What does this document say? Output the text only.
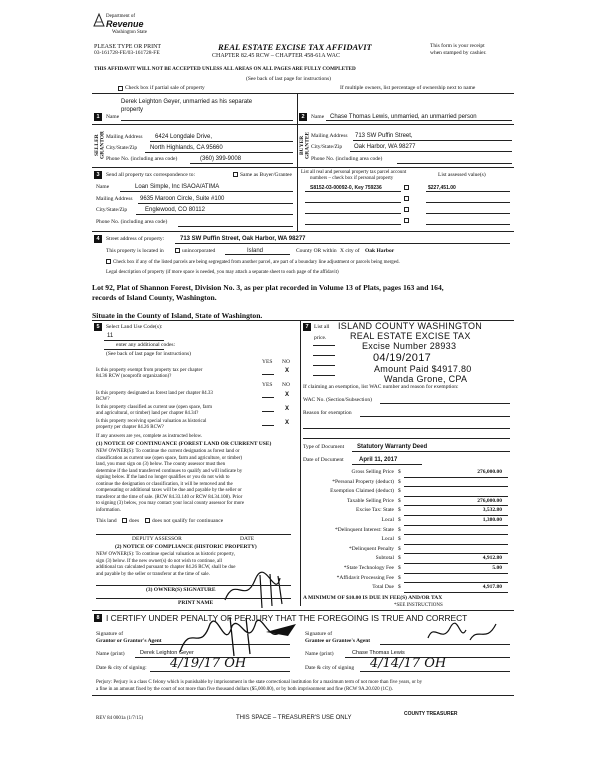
Department of
Revenue
Washington State
PLEASE TYPE OR PRINT
03-161728-FE/03-161728-FE
REAL ESTATE EXCISE TAX AFFIDAVIT
CHAPTER 82.45 RCW – CHAPTER 458-61A WAC
This form is your receipt
when stamped by cashier.
THIS AFFIDAVIT WILL NOT BE ACCEPTED UNLESS ALL AREAS ON ALL PAGES ARE FULLY COMPLETED
(See back of last page for instructions)
Check box if partial sale of property	If multiple owners, list percentage of ownership next to name
1
SELLER GRANTOR
Name
Derek Leighton Geyer, unmarried as his separate
property
Mailing Address 6424 Longdale Drive,
City/State/Zip North Highlands, CA 95660
Phone No. (including area code)	(360) 399-9008
2
BUYER GRANTEE
Name Chase Thomas Lewis, unmarried, an unmarried person
Mailing Address 713 SW Puffin Street,
City/State/Zip Oak Harbor, WA 98277
Phone No. (including area code)
3	Send all property tax correspondence to:	Same as Buyer/Grantee
Name	Loan Simple, Inc ISAOA/ATIMA
Mailing Address 9635 Maroon Circle, Suite #100
City/State/Zip	Englewood, CO 80112
Phone No. (including area code)
List all real and personal property tax parcel account
numbers – check box if personal property
List assessed value(s)
S8152-03-00092-0, Key 759236	$227,451.00
4	Street address of property:	713 SW Puffin Street, Oak Harbor, WA 98277
This property is located in	unincorporated	Island	County OR within X city of Oak Harbor
Check box if any of the listed parcels are being segregated from another parcel, are part of a boundary line adjustment or parcels being merged.
Legal description of property (if more space is needed, you may attach a separate sheet to each page of the affidavit)
Lot 92, Plat of Shannon Forest, Division No. 3, as per plat recorded in Volume 13 of Plats, pages 163 and 164,
records of Island County, Washington.
Situate in the County of Island, State of Washington.
5	Select Land Use Code(s):
11
enter any additional codes:
(See back of last page for instructions)
YES NO
Is this property exempt from property tax per chapter
84.36 RCW (nonprofit organization)?
X
YES NO
Is this property designated as forest land per chapter 84.33
RCW?
X
Is this property classified as current use (open space, farm
and agricultural, or timber) land per chapter 84.34?
X
Is this property receiving special valuation as historical
property per chapter 84.26 RCW?
X
If any answers are yes, complete as instructed below.
(1) NOTICE OF CONTINUANCE (FOREST LAND OR CURRENT USE)
NEW OWNER(S): To continue the current designation as forest land or
classification as current use (open space, farm and agriculture, or timber)
land, you must sign on (3) below. The county assessor must then
determine if the land transferred continues to qualify and will indicate by
signing below. If the land no longer qualifies or you do not wish to
continue the designation or classification, it will be removed and the
compensating or additional taxes will be due and payable by the seller or
transferor at the time of sale. (RCW 84.33.140 or RCW 84.34.108). Prior
to signing (3) below, you may contact your local county assessor for more
information.
This land does does not qualify for continuance
DEPUTY ASSESSOR	DATE
(2) NOTICE OF COMPLIANCE (HISTORIC PROPERTY)
NEW OWNER(S): To continue special valuation as historic property,
sign (3) below. If the new owner(s) do not wish to continue, all
additional tax calculated pursuant to chapter 84.26 RCW, shall be due
and payable by the seller or transferor at the time of sale.
(3) OWNER(S) SIGNATURE
PRINT NAME
7 List all
price.
ISLAND COUNTY WASHINGTON
REAL ESTATE EXCISE TAX
Excise Number 28933
04/19/2017
Amount Paid $4917.80
Wanda Grone, CPA
If claiming an exemption, list WAC number and reason for exemption:
WAC No. (Section/Subsection)
Reason for exemption
Type of Document Statutory Warranty Deed
Date of Document	April 11, 2017
Gross Selling Price $	276,000.00
*Personal Property (deduct) $
Exemption Claimed (deduct) $
Taxable Selling Price $	276,000.00
Excise Tax: State $	3,532.80
Local $	1,380.00
*Delinquent Interest: State $
Local $
*Delinquent Penalty $
Subtotal $	4,912.80
*State Technology Fee $	5.00
*Affidavit Processing Fee $
Total Due $	4,917.80
A MINIMUM OF $10.00 IS DUE IN FEE(S) AND/OR TAX
*SEE INSTRUCTIONS
8 I CERTIFY UNDER PENALTY OF PERJURY THAT THE FOREGOING IS TRUE AND CORRECT
Signature of
Grantor or Grantor's Agent
Signature of
Grantee or Grantee's Agent
Name (print)	Derek Leighton Geyer	Name (print)	Chase Thomas Lewis
Date & city of signing: 4/19/17 OH	Date & city of signing 4/14/17 OH
Perjury: Perjury is a class C felony which is punishable by imprisonment in the state correctional institution for a maximum term of not more than five years, or by
a fine in an amount fixed by the court of not more than five thousand dollars ($5,000.00), or by both imprisonment and fine (RCW 9A.20.020 (1C)).
REV 84 0001a (1/7/15)	THIS SPACE – TREASURER'S USE ONLY
COUNTY TREASURER
